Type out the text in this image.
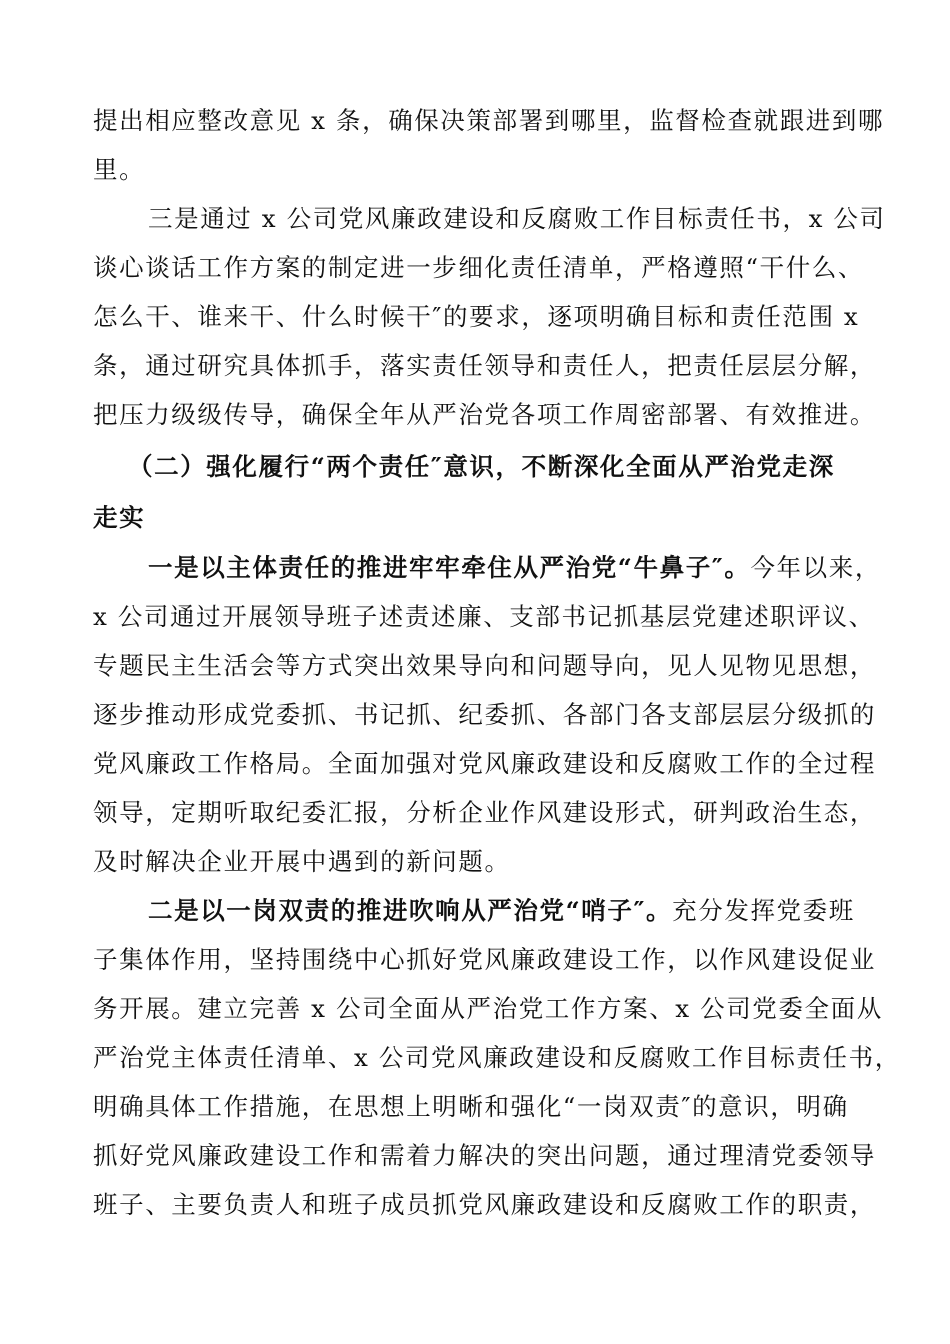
提出相应整改意见 x 条，确保决策部署到哪里，监督检查就跟进到哪
里。
三是通过 x 公司党风廉政建设和反腐败工作目标责任书，x 公司
谈心谈话工作方案的制定进一步细化责任清单，严格遵照“干什么、
怎么干、谁来干、什么时候干″的要求，逐项明确目标和责任范围 x
条，通过研究具体抓手，落实责任领导和责任人，把责任层层分解，
把压力级级传导，确保全年从严治党各项工作周密部署、有效推进。
（二）强化履行“两个责任″意识，不断深化全面从严治党走深
走实
一是以主体责任的推进牢牢牵住从严治党“牛鼻子″。今年以来，
x 公司通过开展领导班子述责述廉、支部书记抓基层党建述职评议、
专题民主生活会等方式突出效果导向和问题导向，见人见物见思想，
逐步推动形成党委抓、书记抓、纪委抓、各部门各支部层层分级抓的
党风廉政工作格局。全面加强对党风廉政建设和反腐败工作的全过程
领导，定期听取纪委汇报，分析企业作风建设形式，研判政治生态，
及时解决企业开展中遇到的新问题。
二是以一岗双责的推进吹响从严治党“哨子″。充分发挥党委班
子集体作用，坚持围绕中心抓好党风廉政建设工作，以作风建设促业
务开展。建立完善 x 公司全面从严治党工作方案、x 公司党委全面从
严治党主体责任清单、x 公司党风廉政建设和反腐败工作目标责任书，
明确具体工作措施，在思想上明晰和强化“一岗双责″的意识，明确
抓好党风廉政建设工作和需着力解决的突出问题，通过理清党委领导
班子、主要负责人和班子成员抓党风廉政建设和反腐败工作的职责，
